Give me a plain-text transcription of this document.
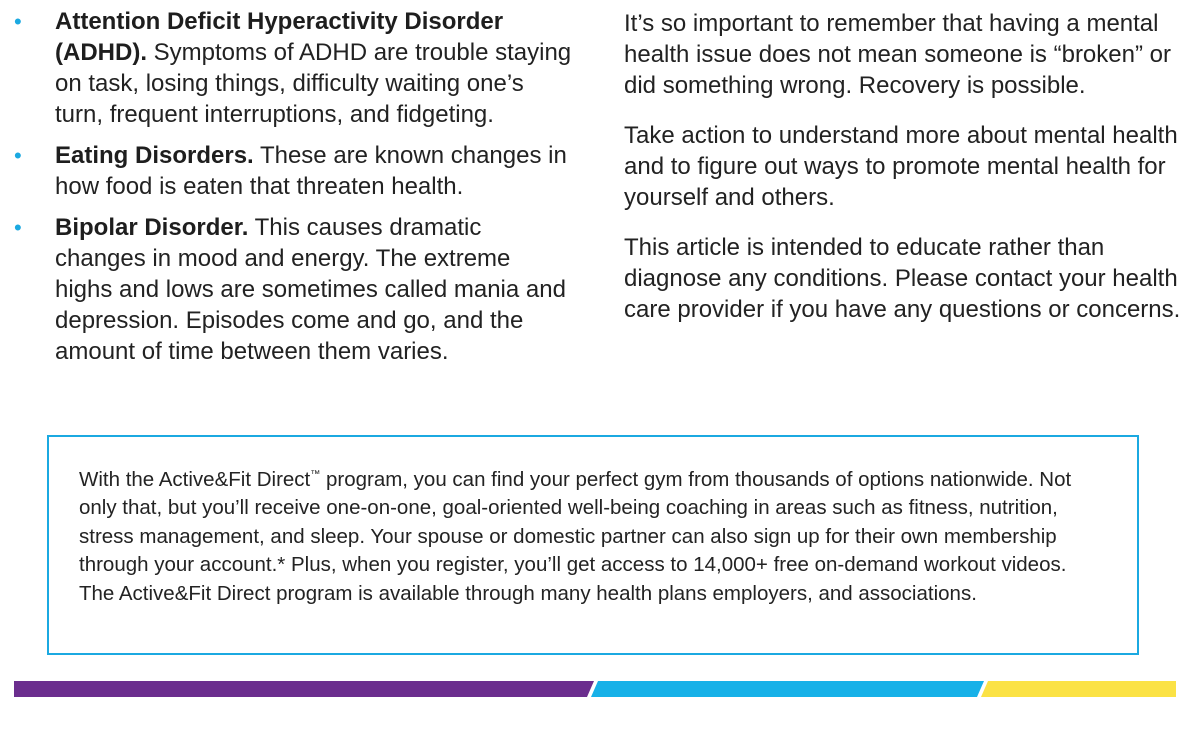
• Attention Deficit Hyperactivity Disorder (ADHD). Symptoms of ADHD are trouble staying on task, losing things, difficulty waiting one’s turn, frequent interruptions, and fidgeting.
• Eating Disorders. These are known changes in how food is eaten that threaten health.
• Bipolar Disorder. This causes dramatic changes in mood and energy. The extreme highs and lows are sometimes called mania and depression. Episodes come and go, and the amount of time between them varies.

It’s so important to remember that having a mental health issue does not mean someone is “broken” or did something wrong. Recovery is possible.

Take action to understand more about mental health and to figure out ways to promote mental health for yourself and others.

This article is intended to educate rather than diagnose any conditions. Please contact your health care provider if you have any questions or concerns.

With the Active&Fit Direct™ program, you can find your perfect gym from thousands of options nationwide. Not only that, but you’ll receive one-on-one, goal-oriented well-being coaching in areas such as fitness, nutrition, stress management, and sleep. Your spouse or domestic partner can also sign up for their own membership through your account.* Plus, when you register, you’ll get access to 14,000+ free on-demand workout videos. The Active&Fit Direct program is available through many health plans employers, and associations.
